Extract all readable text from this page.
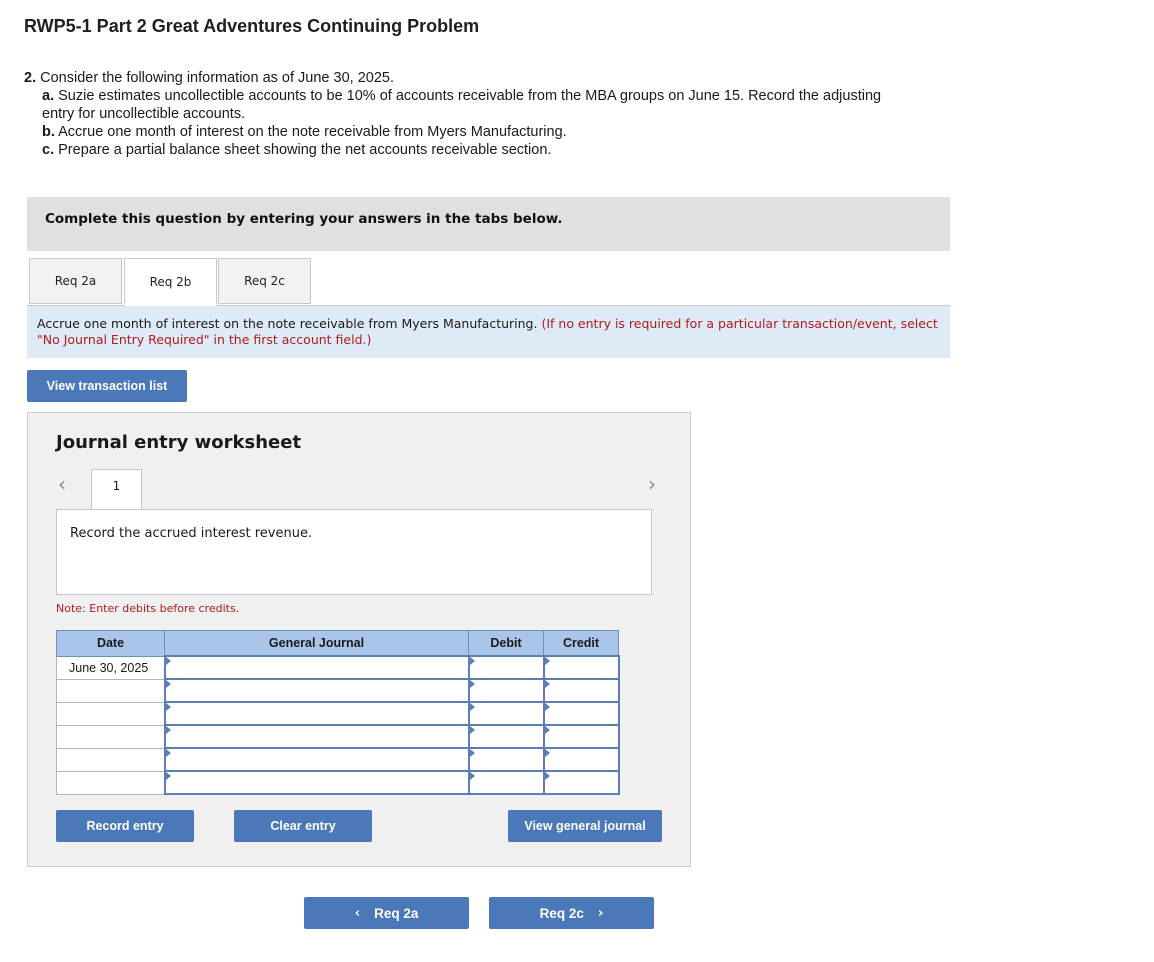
RWP5-1 Part 2 Great Adventures Continuing Problem
2. Consider the following information as of June 30, 2025.
a. Suzie estimates uncollectible accounts to be 10% of accounts receivable from the MBA groups on June 15. Record the adjusting
entry for uncollectible accounts.
b. Accrue one month of interest on the note receivable from Myers Manufacturing.
c. Prepare a partial balance sheet showing the net accounts receivable section.
Complete this question by entering your answers in the tabs below.
Req 2a	Req 2b	Req 2c
Accrue one month of interest on the note receivable from Myers Manufacturing. (If no entry is required for a particular transaction/event, select "No Journal Entry Required" in the first account field.)
View transaction list
Journal entry worksheet
‹	1	›
Record the accrued interest revenue.
Note: Enter debits before credits.
Date	General Journal	Debit	Credit
June 30, 2025			

Record entry	Clear entry	View general journal
‹ Req 2a	Req 2c ›
